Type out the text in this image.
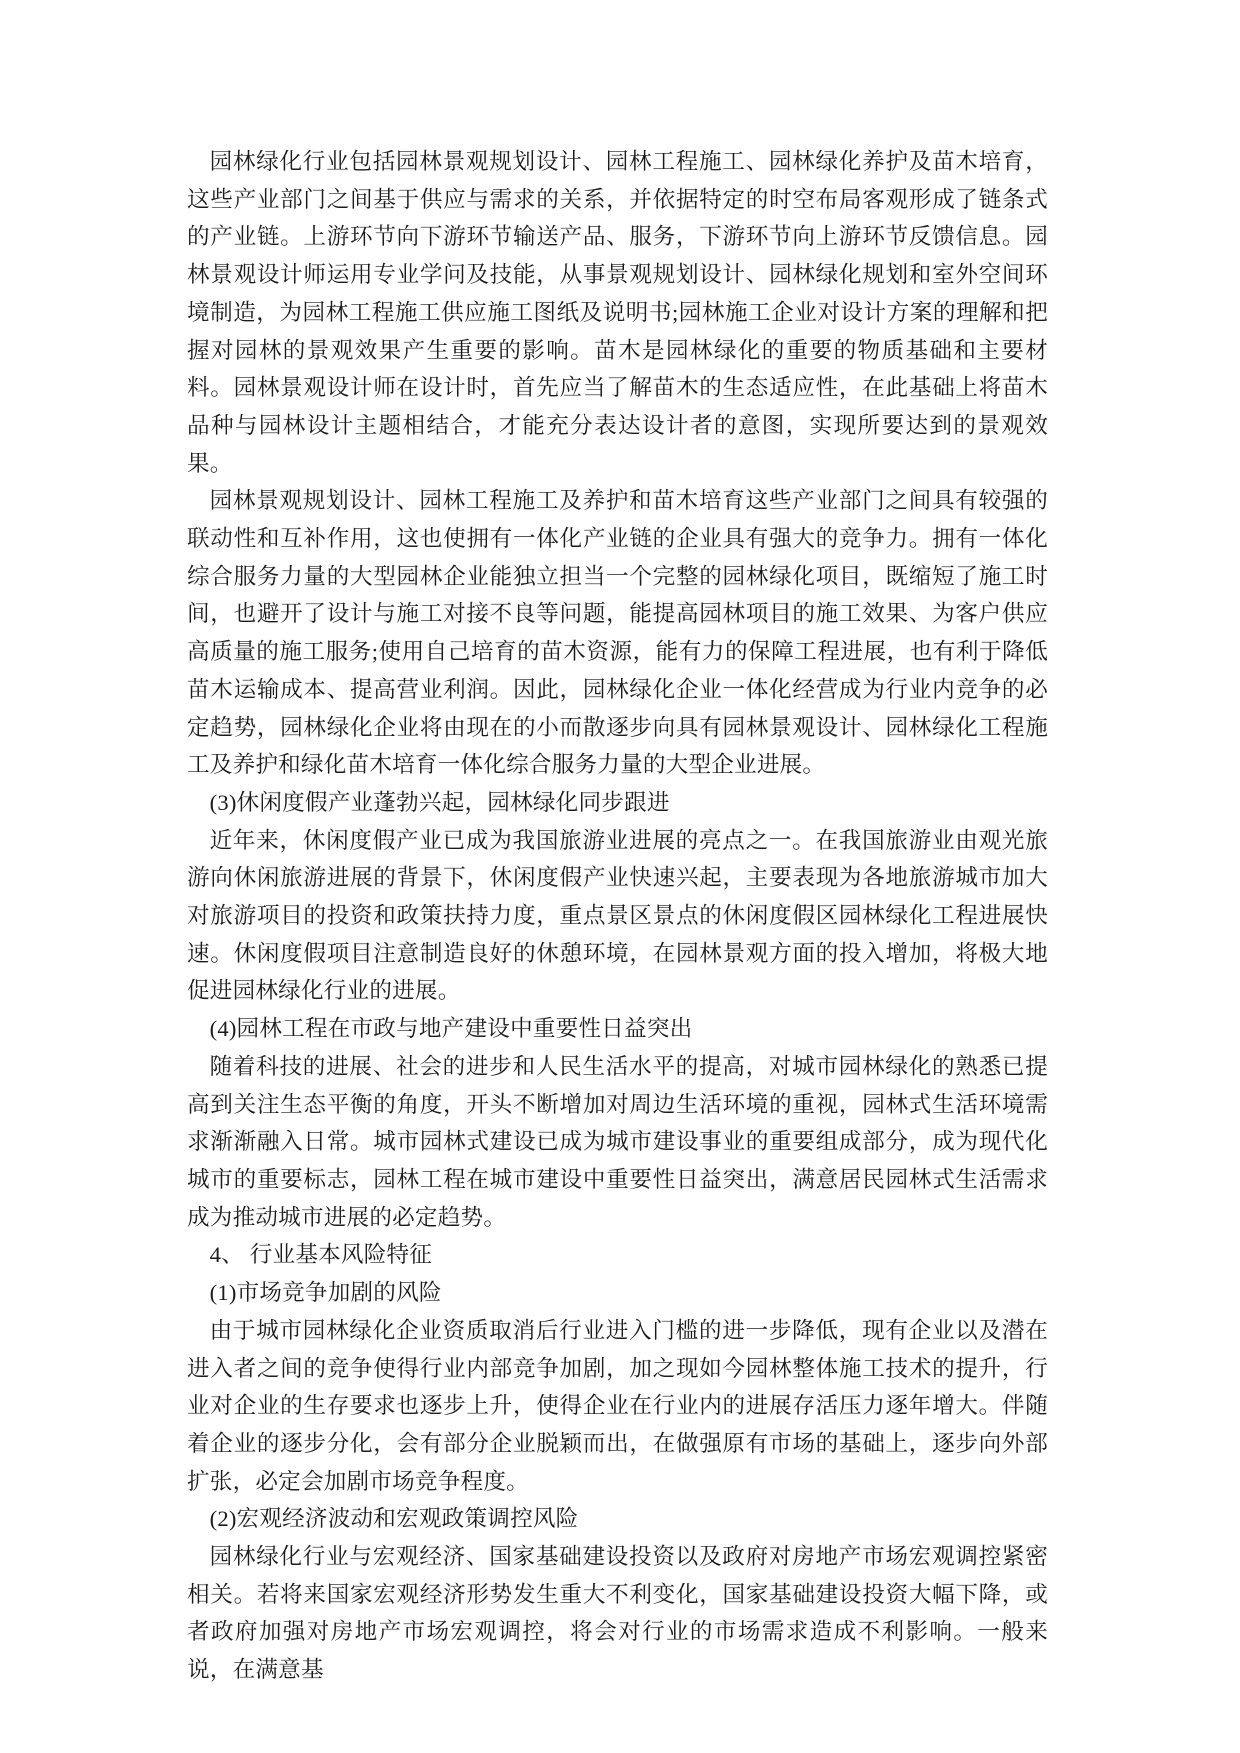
园林绿化行业包括园林景观规划设计、园林工程施工、园林绿化养护及苗木培育，这些产业部门之间基于供应与需求的关系，并依据特定的时空布局客观形成了链条式的产业链。上游环节向下游环节输送产品、服务，下游环节向上游环节反馈信息。园林景观设计师运用专业学问及技能，从事景观规划设计、园林绿化规划和室外空间环境制造，为园林工程施工供应施工图纸及说明书;园林施工企业对设计方案的理解和把握对园林的景观效果产生重要的影响。苗木是园林绿化的重要的物质基础和主要材料。园林景观设计师在设计时，首先应当了解苗木的生态适应性，在此基础上将苗木品种与园林设计主题相结合，才能充分表达设计者的意图，实现所要达到的景观效果。

园林景观规划设计、园林工程施工及养护和苗木培育这些产业部门之间具有较强的联动性和互补作用，这也使拥有一体化产业链的企业具有强大的竞争力。拥有一体化综合服务力量的大型园林企业能独立担当一个完整的园林绿化项目，既缩短了施工时间，也避开了设计与施工对接不良等问题，能提高园林项目的施工效果、为客户供应高质量的施工服务;使用自己培育的苗木资源，能有力的保障工程进展，也有利于降低苗木运输成本、提高营业利润。因此，园林绿化企业一体化经营成为行业内竞争的必定趋势，园林绿化企业将由现在的小而散逐步向具有园林景观设计、园林绿化工程施工及养护和绿化苗木培育一体化综合服务力量的大型企业进展。

(3)休闲度假产业蓬勃兴起，园林绿化同步跟进

近年来，休闲度假产业已成为我国旅游业进展的亮点之一。在我国旅游业由观光旅游向休闲旅游进展的背景下，休闲度假产业快速兴起，主要表现为各地旅游城市加大对旅游项目的投资和政策扶持力度，重点景区景点的休闲度假区园林绿化工程进展快速。休闲度假项目注意制造良好的休憩环境，在园林景观方面的投入增加，将极大地促进园林绿化行业的进展。

(4)园林工程在市政与地产建设中重要性日益突出

随着科技的进展、社会的进步和人民生活水平的提高，对城市园林绿化的熟悉已提高到关注生态平衡的角度，开头不断增加对周边生活环境的重视，园林式生活环境需求渐渐融入日常。城市园林式建设已成为城市建设事业的重要组成部分，成为现代化城市的重要标志，园林工程在城市建设中重要性日益突出，满意居民园林式生活需求成为推动城市进展的必定趋势。

4、 行业基本风险特征

(1)市场竞争加剧的风险

由于城市园林绿化企业资质取消后行业进入门槛的进一步降低，现有企业以及潜在进入者之间的竞争使得行业内部竞争加剧，加之现如今园林整体施工技术的提升，行业对企业的生存要求也逐步上升，使得企业在行业内的进展存活压力逐年增大。伴随着企业的逐步分化，会有部分企业脱颖而出，在做强原有市场的基础上，逐步向外部扩张，必定会加剧市场竞争程度。

(2)宏观经济波动和宏观政策调控风险

园林绿化行业与宏观经济、国家基础建设投资以及政府对房地产市场宏观调控紧密相关。若将来国家宏观经济形势发生重大不利变化，国家基础建设投资大幅下降，或者政府加强对房地产市场宏观调控，将会对行业的市场需求造成不利影响。一般来说，在满意基
